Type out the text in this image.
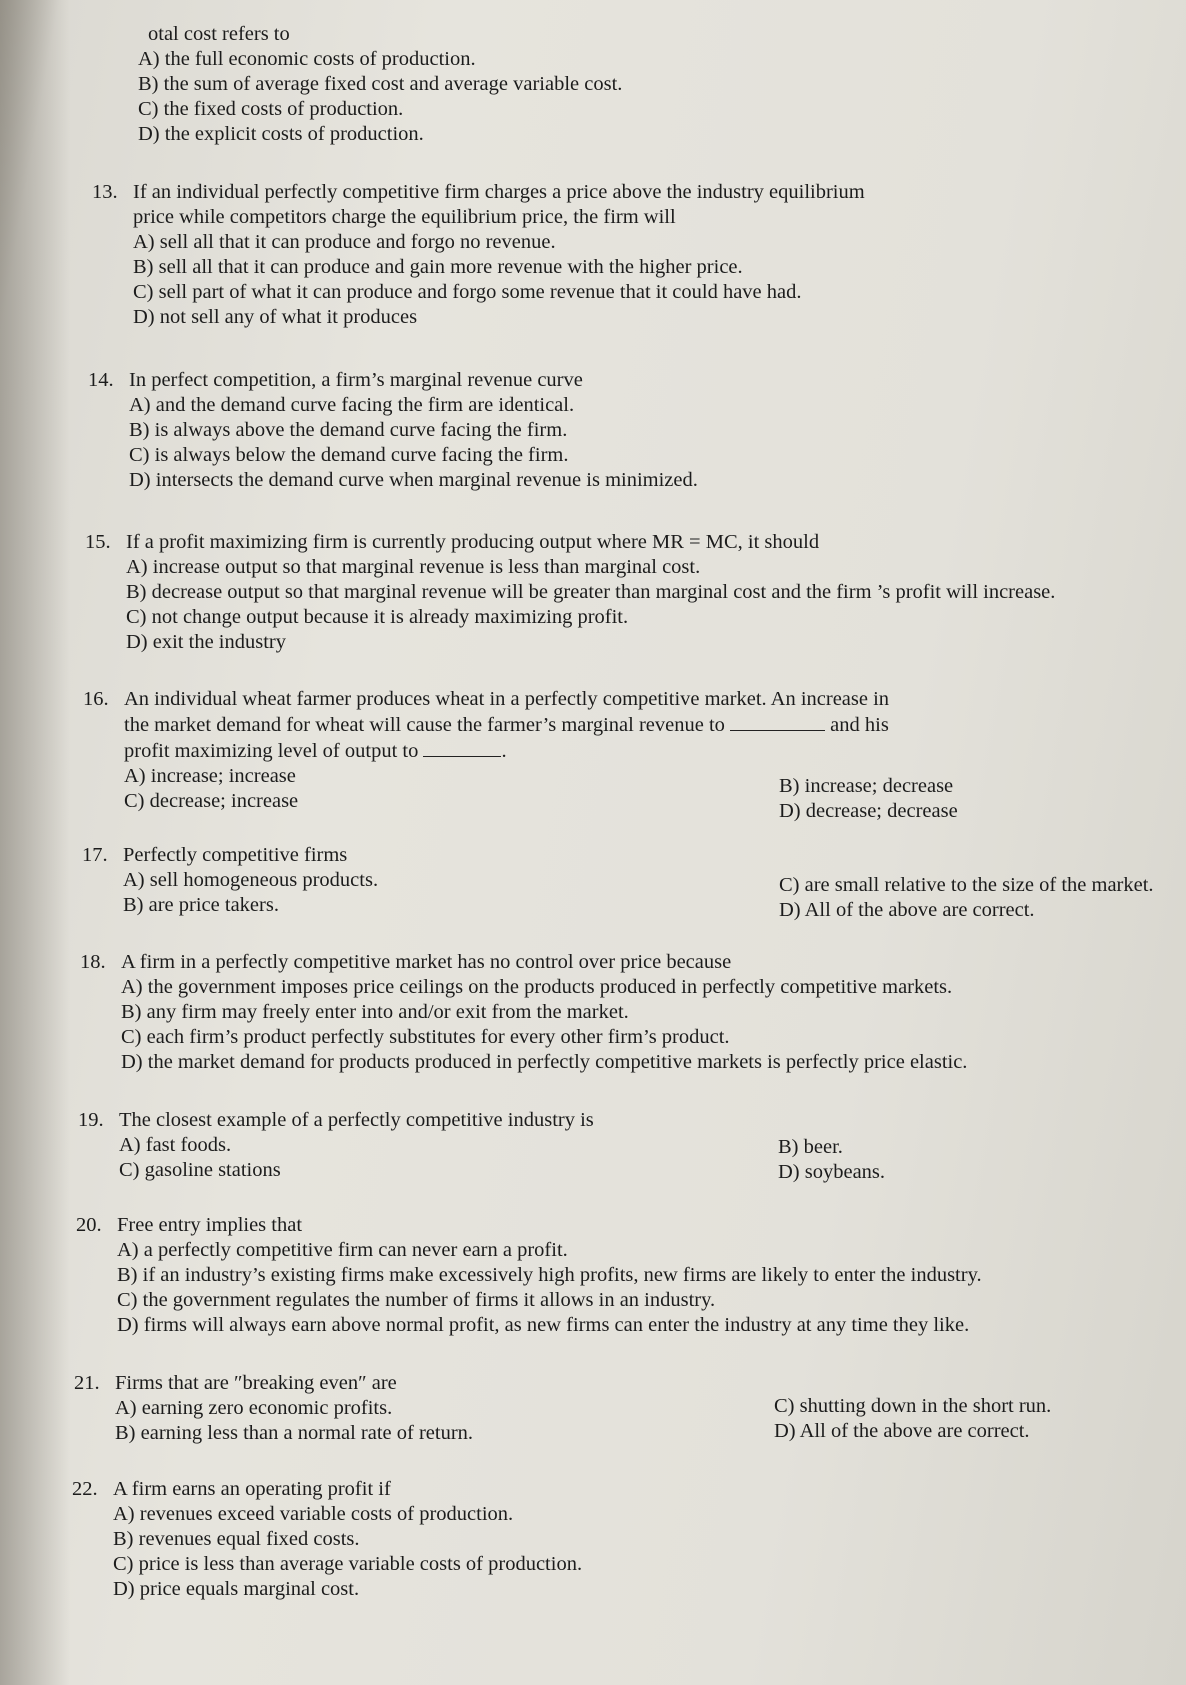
otal cost refers to
A) the full economic costs of production.
B) the sum of average fixed cost and average variable cost.
C) the fixed costs of production.
D) the explicit costs of production.
13. If an individual perfectly competitive firm charges a price above the industry equilibrium
price while competitors charge the equilibrium price, the firm will
A) sell all that it can produce and forgo no revenue.
B) sell all that it can produce and gain more revenue with the higher price.
C) sell part of what it can produce and forgo some revenue that it could have had.
D) not sell any of what it produces
14. In perfect competition, a firm’s marginal revenue curve
A) and the demand curve facing the firm are identical.
B) is always above the demand curve facing the firm.
C) is always below the demand curve facing the firm.
D) intersects the demand curve when marginal revenue is minimized.
15. If a profit maximizing firm is currently producing output where MR = MC, it should
A) increase output so that marginal revenue is less than marginal cost.
B) decrease output so that marginal revenue will be greater than marginal cost and the firm ’s profit will increase.
C) not change output because it is already maximizing profit.
D) exit the industry
16. An individual wheat farmer produces wheat in a perfectly competitive market. An increase in
the market demand for wheat will cause the farmer’s marginal revenue to	and his
profit maximizing level of output to	.
A) increase; increase
C) decrease; increase
B) increase; decrease
D) decrease; decrease
17. Perfectly competitive firms
A) sell homogeneous products.
B) are price takers.
C) are small relative to the size of the market.
D) All of the above are correct.
18. A firm in a perfectly competitive market has no control over price because
A) the government imposes price ceilings on the products produced in perfectly competitive markets.
B) any firm may freely enter into and/or exit from the market.
C) each firm’s product perfectly substitutes for every other firm’s product.
D) the market demand for products produced in perfectly competitive markets is perfectly price elastic.
19. The closest example of a perfectly competitive industry is
A) fast foods.
C) gasoline stations
B) beer.
D) soybeans.
20. Free entry implies that
A) a perfectly competitive firm can never earn a profit.
B) if an industry’s existing firms make excessively high profits, new firms are likely to enter the industry.
C) the government regulates the number of firms it allows in an industry.
D) firms will always earn above normal profit, as new firms can enter the industry at any time they like.
21. Firms that are ″breaking even″ are
A) earning zero economic profits.
B) earning less than a normal rate of return.
C) shutting down in the short run.
D) All of the above are correct.
22. A firm earns an operating profit if
A) revenues exceed variable costs of production.
B) revenues equal fixed costs.
C) price is less than average variable costs of production.
D) price equals marginal cost.
